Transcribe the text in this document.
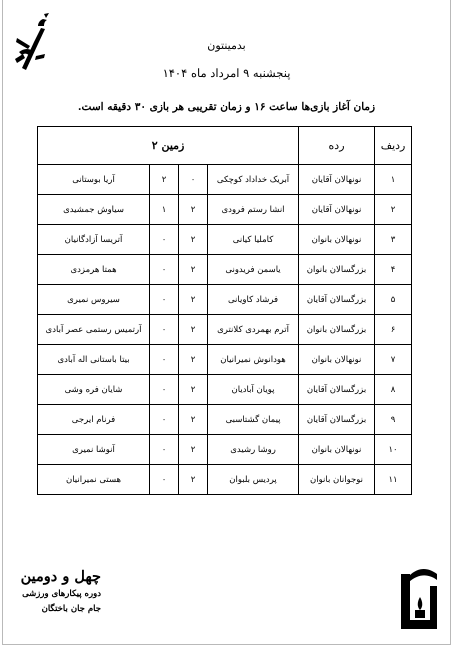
بدمینتون
پنجشنبه ۹ امرداد ماه ۱۴۰۴
زمان آغاز بازی‌ها ساعت ۱۶ و زمان تقریبی هر بازی ۳۰ دقیقه است.
ردیف	رده	زمین ۲			
۱	نونهالان آقایان	آبریک خداداد کوچکی	۰	۲	آریا بوستانی
۲	نونهالان آقایان	انشا رستم فرودی	۲	۱	سیاوش جمشیدی
۳	نونهالان بانوان	کاملیا کیانی	۲	۰	آتریسا آزادگانیان
۴	بزرگسالان بانوان	یاسمن فریدونی	۲	۰	همتا هرمزدی
۵	بزرگسالان آقایان	فرشاد کاویانی	۲	۰	سیروس نمیری
۶	بزرگسالان بانوان	آترم بهمردی کلانتری	۲	۰	آرتمیس رستمی عصر آبادی
۷	نونهالان بانوان	هودانوش نمیرانیان	۲	۰	بیتا باستانی اله آبادی
۸	بزرگسالان آقایان	پویان آبادیان	۲	۰	شایان فره وشی
۹	بزرگسالان آقایان	پیمان گشتاسبی	۲	۰	فرنام ایرجی
۱۰	نونهالان بانوان	روشا رشیدی	۲	۰	آنوشا نمیری
۱۱	نوجوانان بانوان	پردیس بلبوان	۲	۰	هستی نمیرانیان
چهل و دومین
دوره پیکارهای ورزشی
جام جان باختگان
